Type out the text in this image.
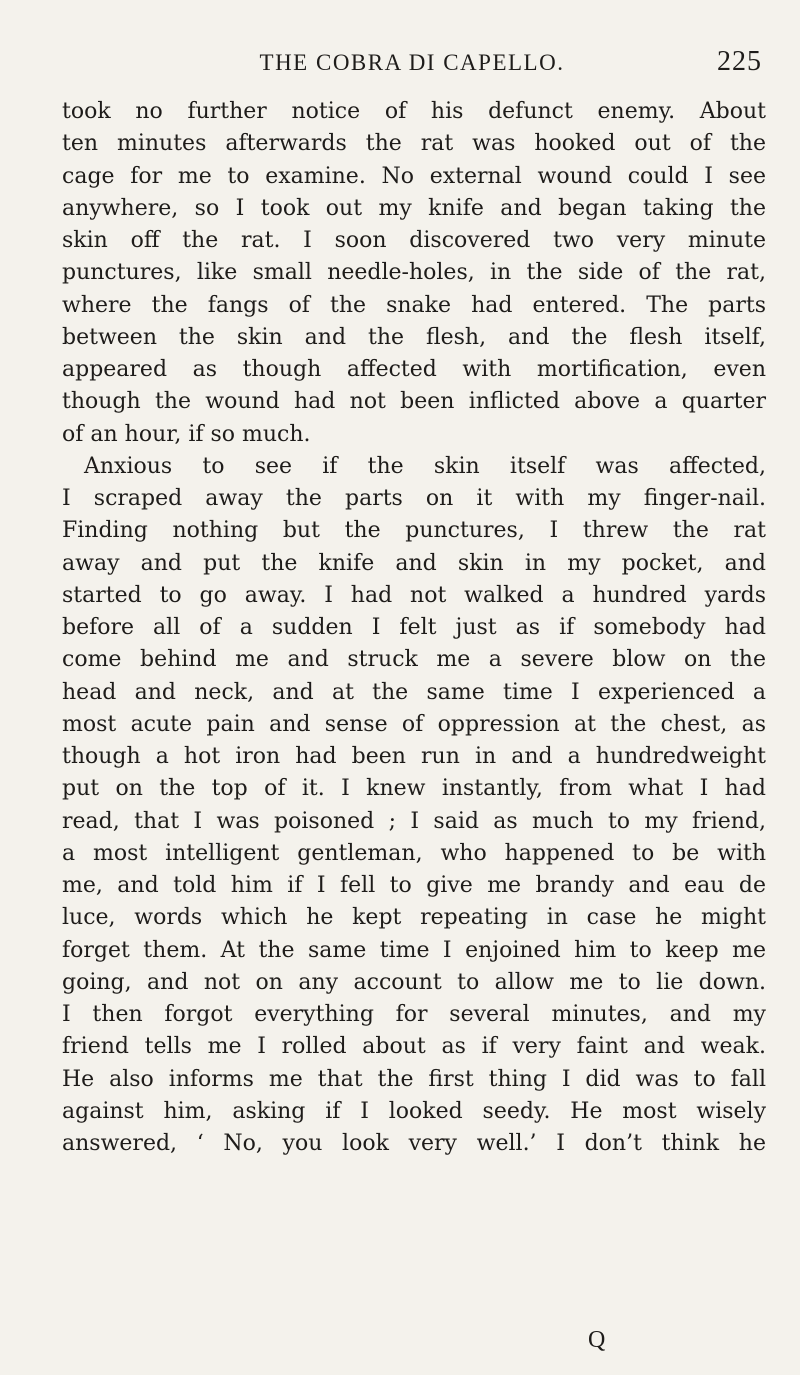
THE COBRA DI CAPELLO.	225
took no further notice of his defunct enemy. About
ten minutes afterwards the rat was hooked out of the
cage for me to examine. No external wound could I see
anywhere, so I took out my knife and began taking the
skin off the rat. I soon discovered two very minute
punctures, like small needle-holes, in the side of the rat,
where the fangs of the snake had entered. The parts
between the skin and the flesh, and the flesh itself,
appeared as though affected with mortification, even
though the wound had not been inflicted above a quarter
of an hour, if so much.
Anxious to see if the skin itself was affected,
I scraped away the parts on it with my finger-nail.
Finding nothing but the punctures, I threw the rat
away and put the knife and skin in my pocket, and
started to go away. I had not walked a hundred yards
before all of a sudden I felt just as if somebody had
come behind me and struck me a severe blow on the
head and neck, and at the same time I experienced a
most acute pain and sense of oppression at the chest, as
though a hot iron had been run in and a hundredweight
put on the top of it. I knew instantly, from what I had
read, that I was poisoned ; I said as much to my friend,
a most intelligent gentleman, who happened to be with
me, and told him if I fell to give me brandy and eau de
luce, words which he kept repeating in case he might
forget them. At the same time I enjoined him to keep me
going, and not on any account to allow me to lie down.
I then forgot everything for several minutes, and my
friend tells me I rolled about as if very faint and weak.
He also informs me that the first thing I did was to fall
against him, asking if I looked seedy. He most wisely
answered, ‘ No, you look very well.’ I don’t think he
Q
